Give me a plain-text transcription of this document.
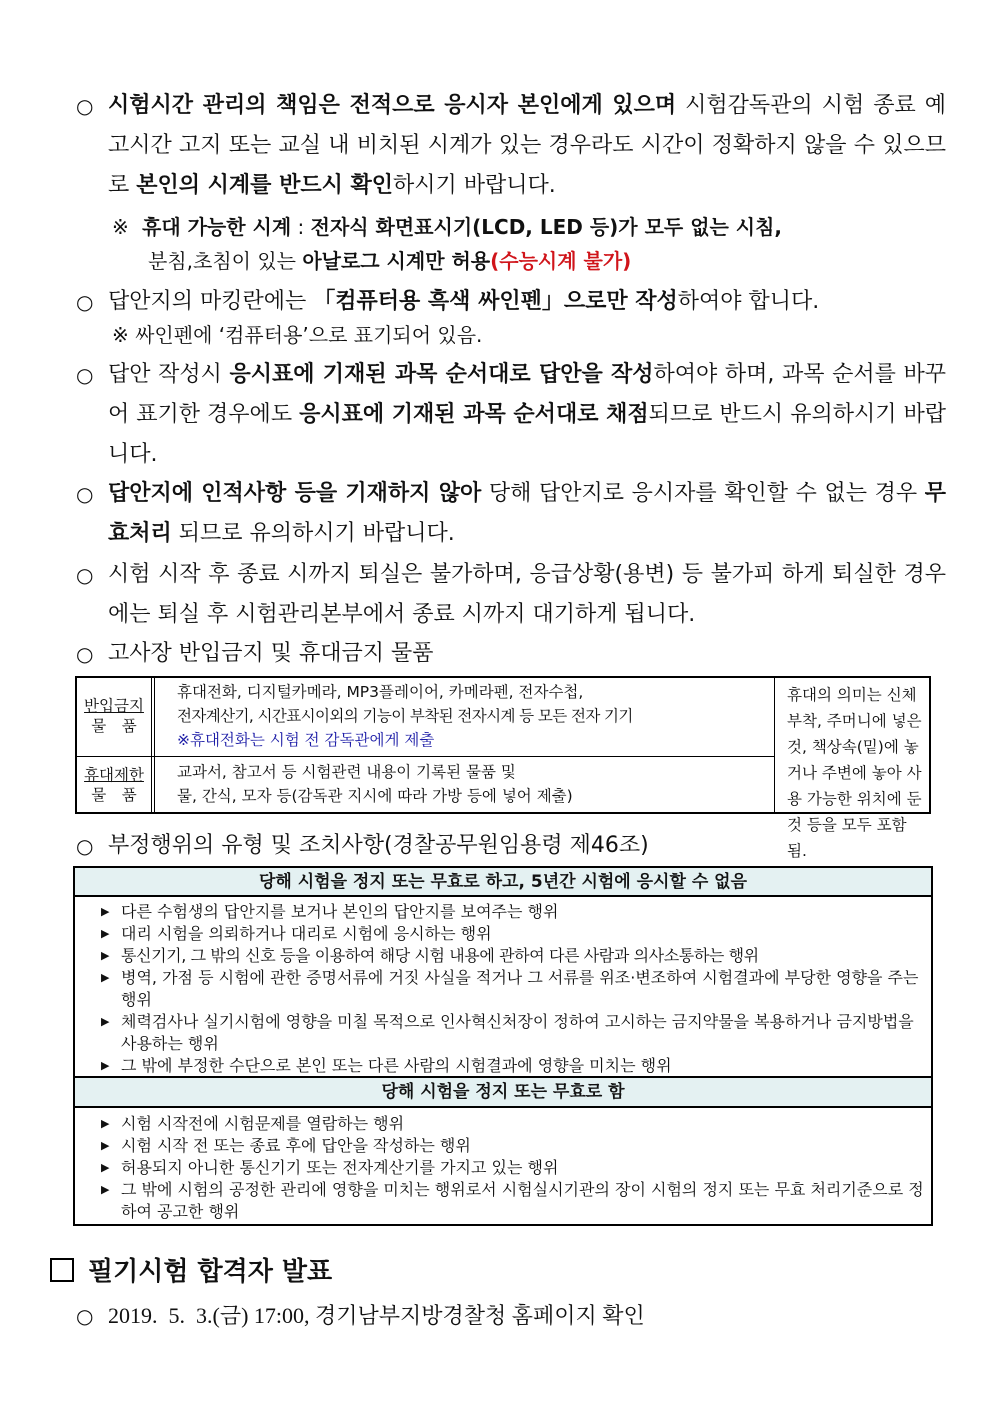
○ 시험시간 관리의 책임은 전적으로 응시자 본인에게 있으며 시험감독관의 시험 종료 예고시간 고지 또는 교실 내 비치된 시계가 있는 경우라도 시간이 정확하지 않을 수 있으므로 본인의 시계를 반드시 확인하시기 바랍니다.
※ 휴대 가능한 시계 : 전자식 화면표시기(LCD, LED 등)가 모두 없는 시침,
분침,초침이 있는 아날로그 시계만 허용(수능시계 불가)
○ 답안지의 마킹란에는 「컴퓨터용 흑색 싸인펜」으로만 작성하여야 합니다.
※ 싸인펜에 ‘컴퓨터용’으로 표기되어 있음.
○ 답안 작성시 응시표에 기재된 과목 순서대로 답안을 작성하여야 하며, 과목 순서를 바꾸어 표기한 경우에도 응시표에 기재된 과목 순서대로 채점되므로 반드시 유의하시기 바랍니다.
○ 답안지에 인적사항 등을 기재하지 않아 당해 답안지로 응시자를 확인할 수 없는 경우 무효처리 되므로 유의하시기 바랍니다.
○ 시험 시작 후 종료 시까지 퇴실은 불가하며, 응급상황(용변) 등 불가피 하게 퇴실한 경우에는 퇴실 후 시험관리본부에서 종료 시까지 대기하게 됩니다.
○ 고사장 반입금지 및 휴대금지 물품
반입금지
물　품
휴대전화, 디지털카메라, MP3플레이어, 카메라펜, 전자수첩,
전자계산기, 시간표시이외의 기능이 부착된 전자시계 등 모든 전자 기기
※휴대전화는 시험 전 감독관에게 제출
휴대제한
물　품
교과서, 참고서 등 시험관련 내용이 기록된 물품 및
물, 간식, 모자 등(감독관 지시에 따라 가방 등에 넣어 제출)
휴대의 의미는 신체부착, 주머니에 넣은 것, 책상속(밑)에 놓거나 주변에 놓아 사용 가능한 위치에 둔 것 등을 모두 포함 됨.
○ 부정행위의 유형 및 조치사항(경찰공무원임용령 제46조)
당해 시험을 정지 또는 무효로 하고, 5년간 시험에 응시할 수 없음
▶ 다른 수험생의 답안지를 보거나 본인의 답안지를 보여주는 행위
▶ 대리 시험을 의뢰하거나 대리로 시험에 응시하는 행위
▶ 통신기기, 그 밖의 신호 등을 이용하여 해당 시험 내용에 관하여 다른 사람과 의사소통하는 행위
▶ 병역, 가점 등 시험에 관한 증명서류에 거짓 사실을 적거나 그 서류를 위조·변조하여 시험결과에 부당한 영향을 주는 행위
▶ 체력검사나 실기시험에 영향을 미칠 목적으로 인사혁신처장이 정하여 고시하는 금지약물을 복용하거나 금지방법을 사용하는 행위
▶ 그 밖에 부정한 수단으로 본인 또는 다른 사람의 시험결과에 영향을 미치는 행위
당해 시험을 정지 또는 무효로 함
▶ 시험 시작전에 시험문제를 열람하는 행위
▶ 시험 시작 전 또는 종료 후에 답안을 작성하는 행위
▶ 허용되지 아니한 통신기기 또는 전자계산기를 가지고 있는 행위
▶ 그 밖에 시험의 공정한 관리에 영향을 미치는 행위로서 시험실시기관의 장이 시험의 정지 또는 무효 처리기준으로 정하여 공고한 행위
필기시험 합격자 발표
○ 2019.  5.  3.(금) 17:00, 경기남부지방경찰청 홈페이지 확인
